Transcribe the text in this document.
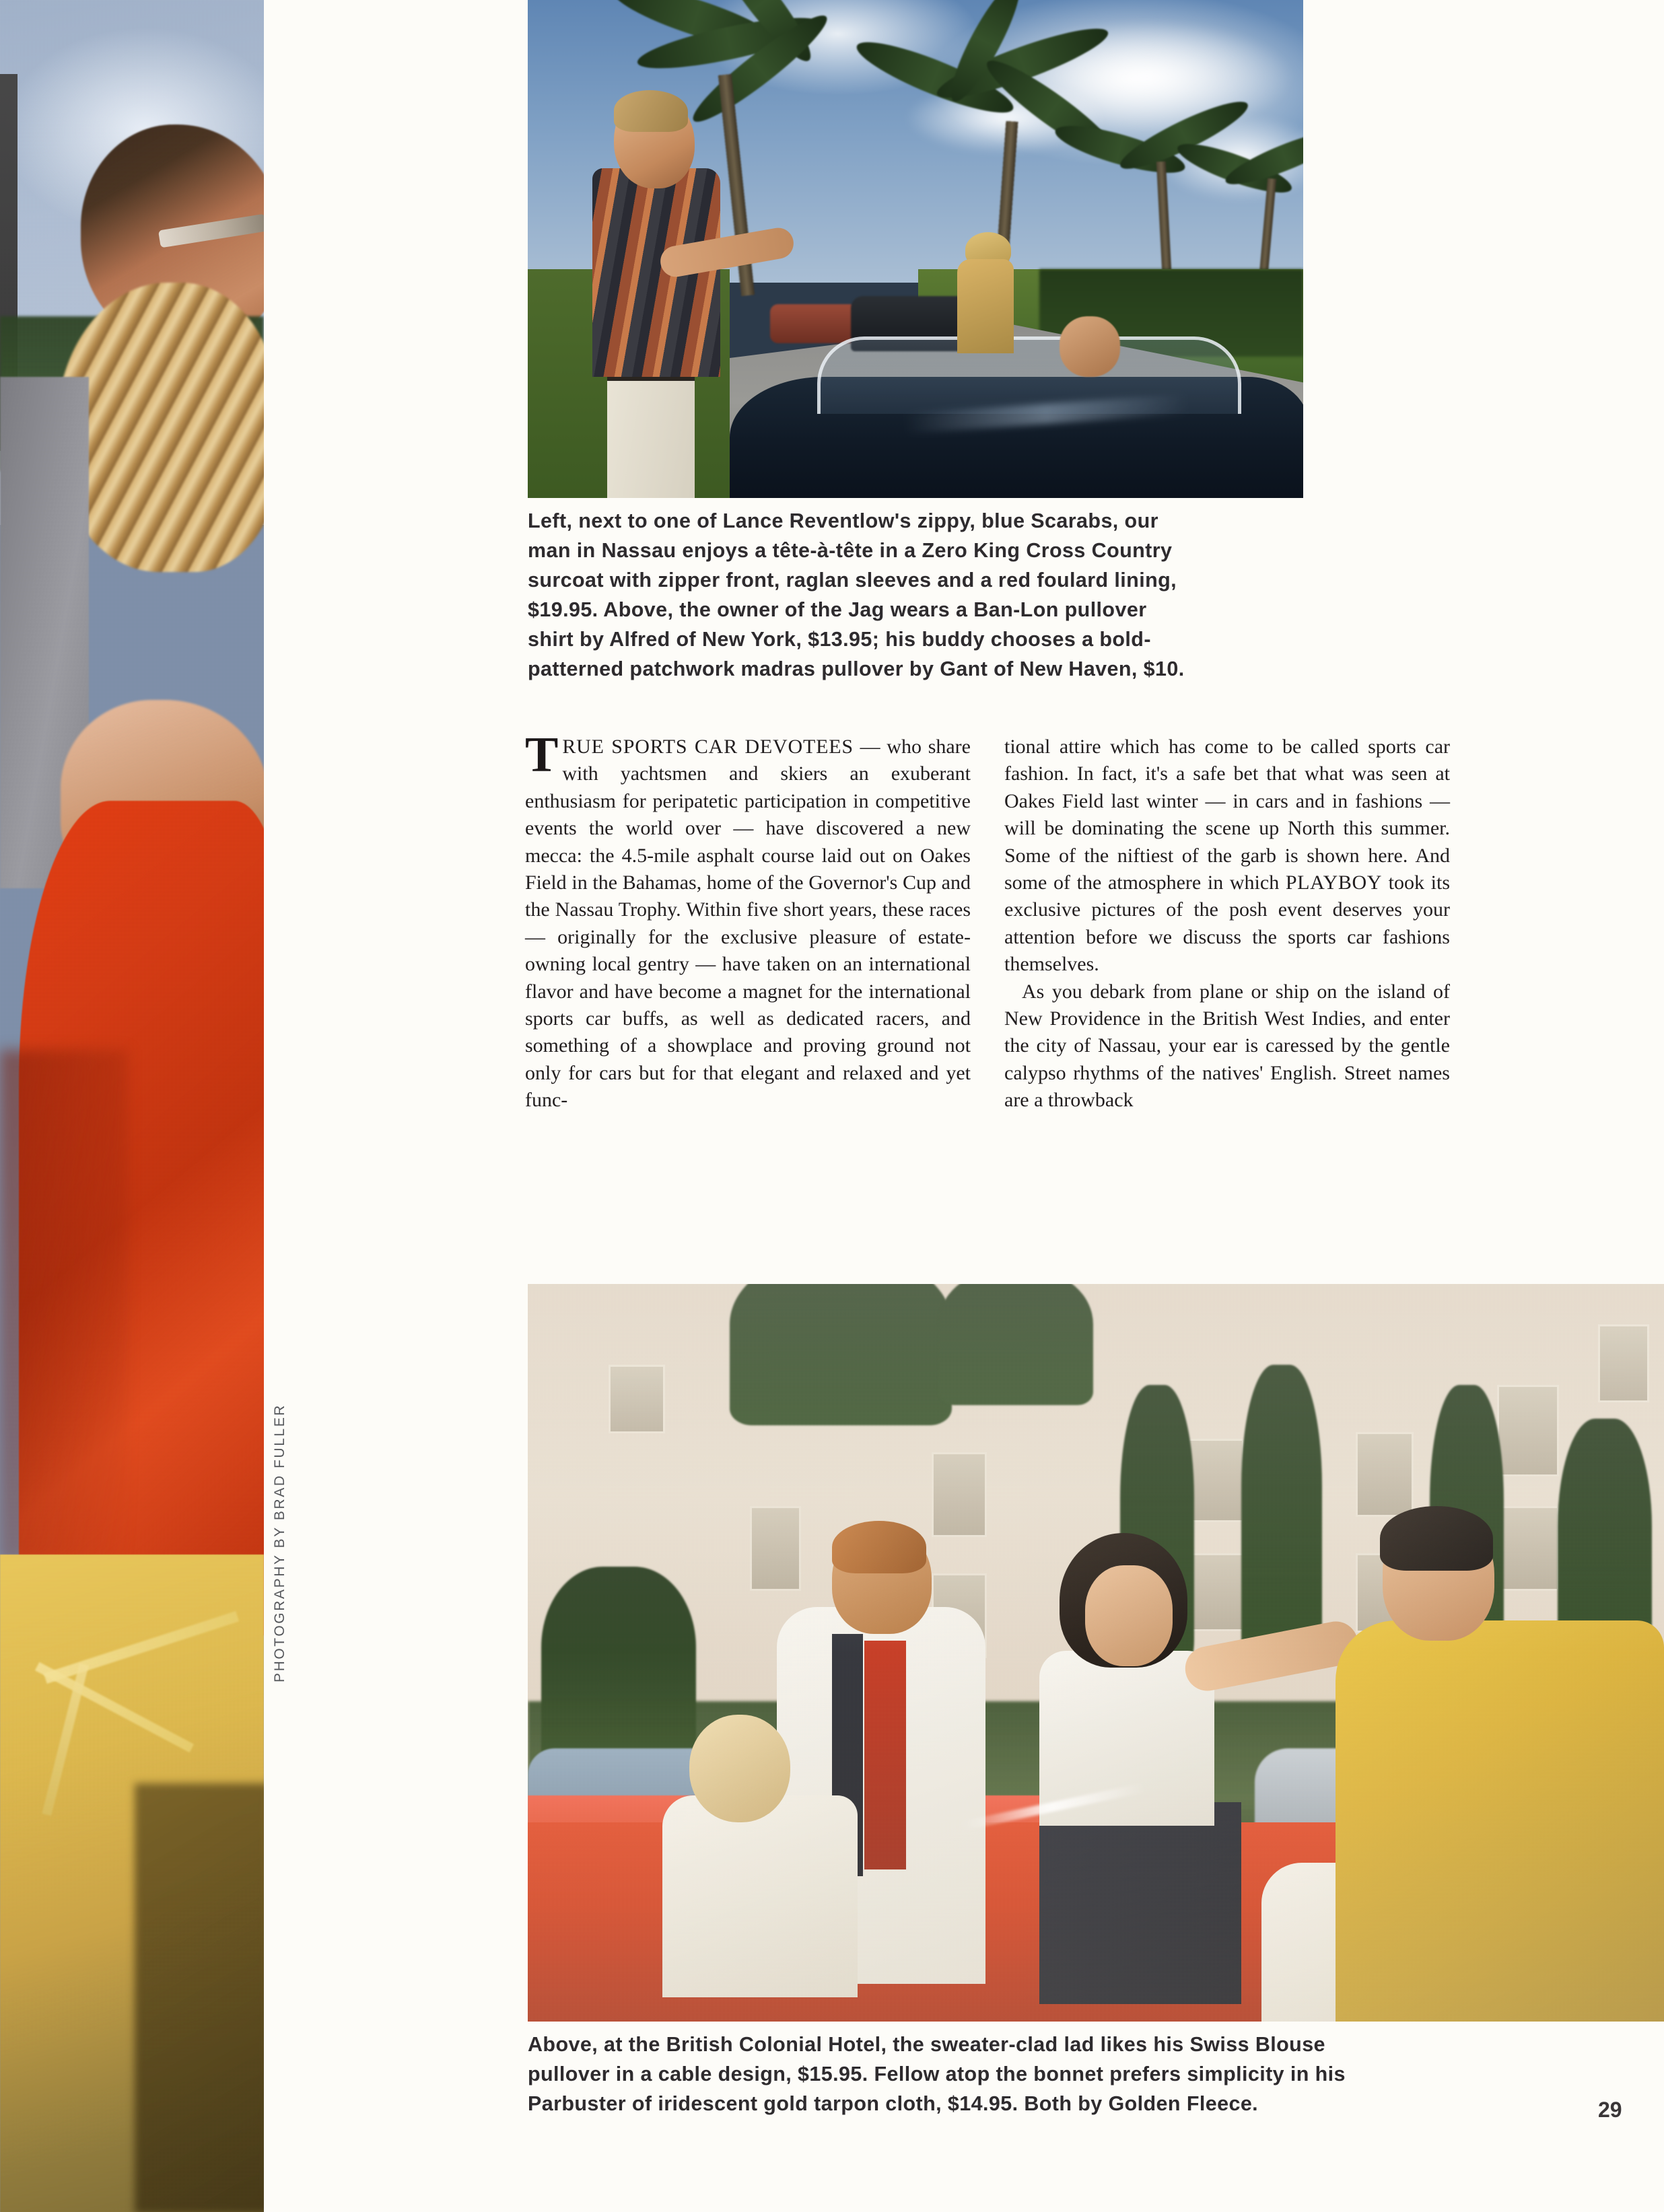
PHOTOGRAPHY BY BRAD FULLER
Left, next to one of Lance Reventlow's zippy, blue Scarabs, our
man in Nassau enjoys a tête-à-tête in a Zero King Cross Country
surcoat with zipper front, raglan sleeves and a red foulard lining,
$19.95. Above, the owner of the Jag wears a Ban-Lon pullover
shirt by Alfred of New York, $13.95; his buddy chooses a bold-
patterned patchwork madras pullover by Gant of New Haven, $10.

TRUE SPORTS CAR DEVOTEES — who share with yachtsmen and skiers an exuberant enthusiasm for peripatetic participation in competitive events the world over — have discovered a new mecca: the 4.5-mile asphalt course laid out on Oakes Field in the Bahamas, home of the Governor's Cup and the Nassau Trophy. Within five short years, these races — originally for the exclusive pleasure of estate-owning local gentry — have taken on an international flavor and have become a magnet for the international sports car buffs, as well as dedicated racers, and something of a showplace and proving ground not only for cars but for that elegant and relaxed and yet func-

tional attire which has come to be called sports car fashion. In fact, it's a safe bet that what was seen at Oakes Field last winter — in cars and in fashions — will be dominating the scene up North this summer. Some of the niftiest of the garb is shown here. And some of the atmosphere in which PLAYBOY took its exclusive pictures of the posh event deserves your attention before we discuss the sports car fashions themselves.

As you debark from plane or ship on the island of New Providence in the British West Indies, and enter the city of Nassau, your ear is caressed by the gentle calypso rhythms of the natives' English. Street names are a throwback

Above, at the British Colonial Hotel, the sweater-clad lad likes his Swiss Blouse
pullover in a cable design, $15.95. Fellow atop the bonnet prefers simplicity in his
Parbuster of iridescent gold tarpon cloth, $14.95. Both by Golden Fleece.	29
